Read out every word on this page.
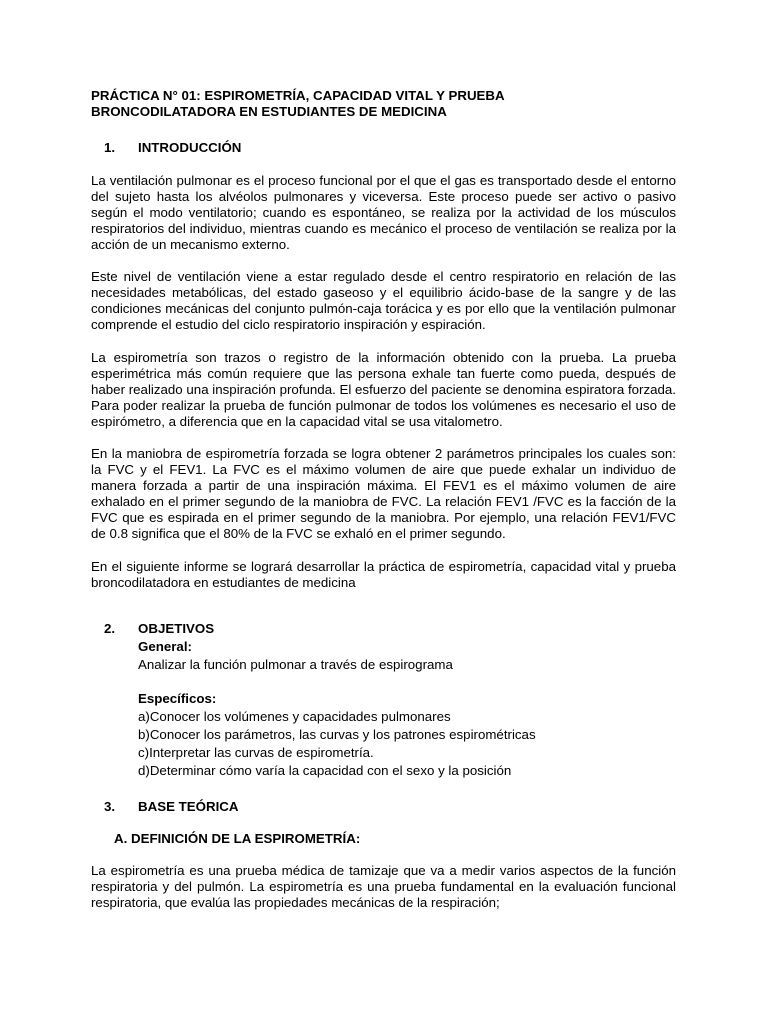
PRÁCTICA N° 01: ESPIROMETRÍA, CAPACIDAD VITAL Y PRUEBA

BRONCODILATADORA EN ESTUDIANTES DE MEDICINA

1.	INTRODUCCIÓN

La ventilación pulmonar es el proceso funcional por el que el gas es transportado desde el entorno del sujeto hasta los alvéolos pulmonares y viceversa. Este proceso puede ser activo o pasivo según el modo ventilatorio; cuando es espontáneo, se realiza por la actividad de los músculos respiratorios del individuo, mientras cuando es mecánico el proceso de ventilación se realiza por la acción de un mecanismo externo.

Este nivel de ventilación viene a estar regulado desde el centro respiratorio en relación de las necesidades metabólicas, del estado gaseoso y el equilibrio ácido-base de la sangre y de las condiciones mecánicas del conjunto pulmón-caja torácica y es por ello que la ventilación pulmonar comprende el estudio del ciclo respiratorio inspiración y espiración.

La espirometría son trazos o registro de la información obtenido con la prueba. La prueba esperimétrica más común requiere que las persona exhale tan fuerte como pueda, después de haber realizado una inspiración profunda. El esfuerzo del paciente se denomina espiratora forzada. Para poder realizar la prueba de función pulmonar de todos los volúmenes es necesario el uso de espirómetro, a diferencia que en la capacidad vital se usa vitalometro.

En la maniobra de espirometría forzada se logra obtener 2 parámetros principales los cuales son: la FVC y el FEV1. La FVC es el máximo volumen de aire que puede exhalar un individuo de manera forzada a partir de una inspiración máxima. El FEV1 es el máximo volumen de aire exhalado en el primer segundo de la maniobra de FVC. La relación FEV1 /FVC es la facción de la FVC que es espirada en el primer segundo de la maniobra. Por ejemplo, una relación FEV1/FVC de 0.8 significa que el 80% de la FVC se exhaló en el primer segundo.

En el siguiente informe se logrará desarrollar la práctica de espirometría, capacidad vital y prueba broncodilatadora en estudiantes de medicina

2.	OBJETIVOS

General:

Analizar la función pulmonar a través de espirograma

Específicos:

a)Conocer los volúmenes y capacidades pulmonares

b)Conocer los parámetros, las curvas y los patrones espirométricas

c)Interpretar las curvas de espirometría.

d)Determinar cómo varía la capacidad con el sexo y la posición

3.	BASE TEÓRICA

A. DEFINICIÓN DE LA ESPIROMETRÍA:

La espirometría es una prueba médica de tamizaje que va a medir varios aspectos de la función respiratoria y del pulmón. La espirometría es una prueba fundamental en la evaluación funcional respiratoria, que evalúa las propiedades mecánicas de la respiración;
